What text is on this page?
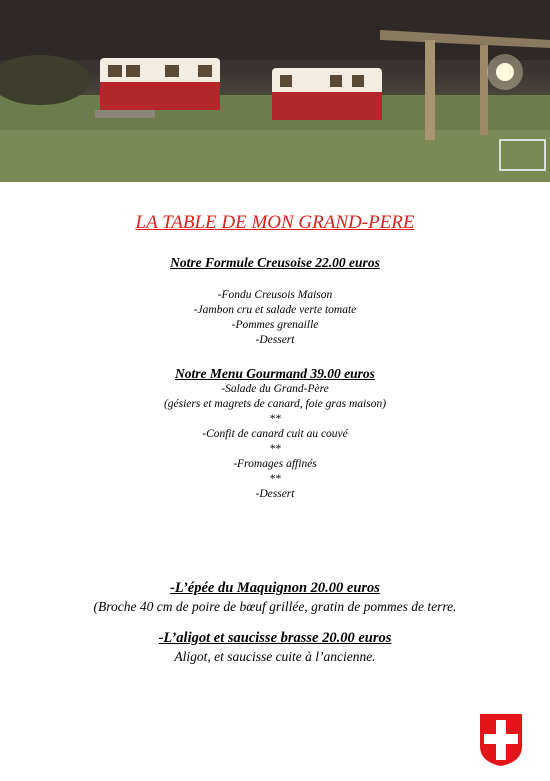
LA TABLE DE MON GRAND-PERE
Notre Formule Creusoise 22.00 euros
-Fondu Creusois Maison
-Jambon cru et salade verte tomate
-Pommes grenaille
-Dessert
Notre Menu Gourmand 39.00 euros
-Salade du Grand-Père
(gésiers et magrets de canard, foie gras maison)
**
-Confit de canard cuit au couvé
**
-Fromages affinés
**
-Dessert
-L’épée du Maquignon 20.00 euros
(Broche 40 cm de poire de bœuf grillée, gratin de pommes de terre.
-L’aligot et saucisse brasse 20.00 euros
Aligot, et saucisse cuite à l’ancienne.
